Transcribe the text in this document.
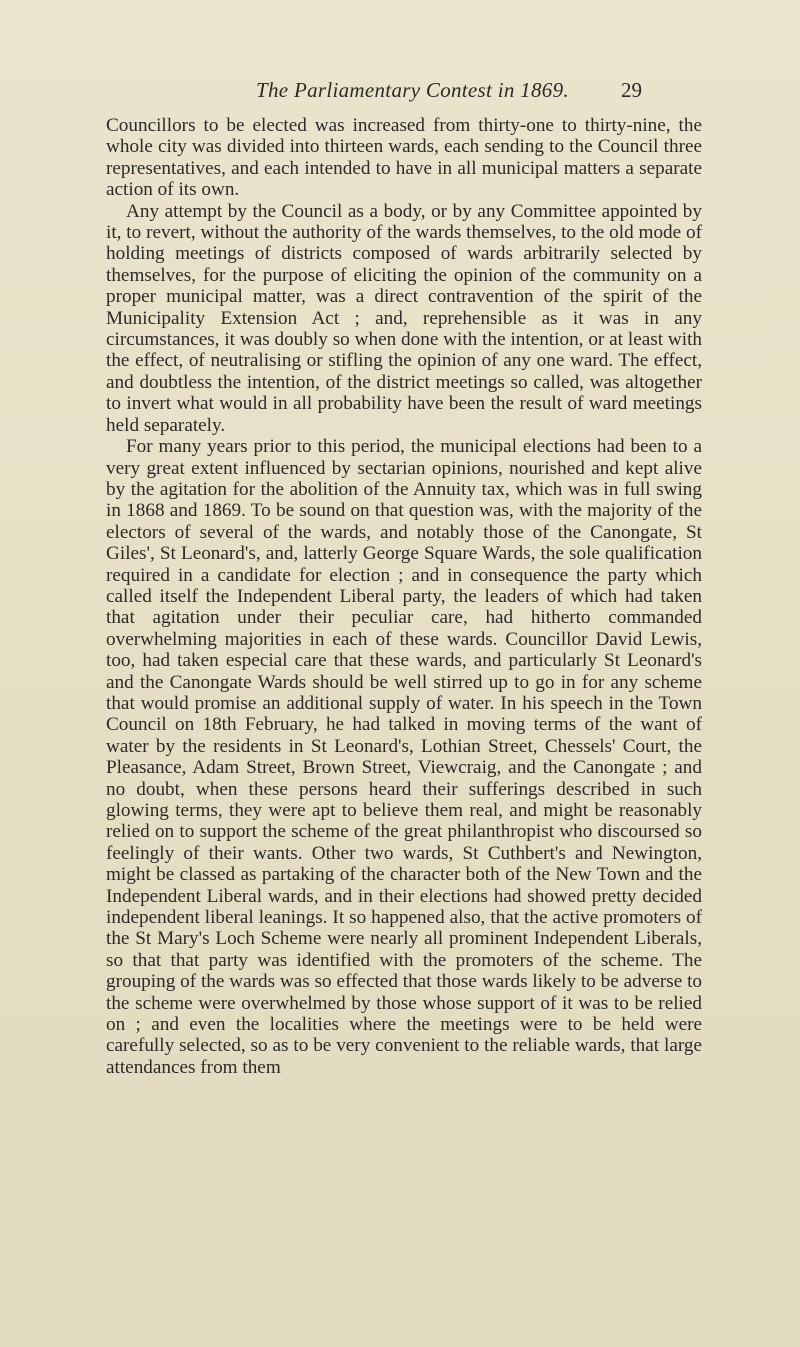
The Parliamentary Contest in 1869. 29

Councillors to be elected was increased from thirty-one to thirty-nine, the whole city was divided into thirteen wards, each sending to the Council three representatives, and each intended to have in all municipal matters a separate action of its own.

Any attempt by the Council as a body, or by any Committee appointed by it, to revert, without the authority of the wards themselves, to the old mode of holding meetings of districts composed of wards arbitrarily selected by themselves, for the purpose of eliciting the opinion of the community on a proper municipal matter, was a direct contravention of the spirit of the Municipality Extension Act ; and, reprehensible as it was in any circumstances, it was doubly so when done with the intention, or at least with the effect, of neutralising or stifling the opinion of any one ward. The effect, and doubtless the intention, of the district meetings so called, was altogether to invert what would in all probability have been the result of ward meetings held separately.

For many years prior to this period, the municipal elections had been to a very great extent influenced by sectarian opinions, nourished and kept alive by the agitation for the abolition of the Annuity tax, which was in full swing in 1868 and 1869. To be sound on that question was, with the majority of the electors of several of the wards, and notably those of the Canongate, St Giles', St Leonard's, and, latterly George Square Wards, the sole qualification required in a candidate for election ; and in consequence the party which called itself the Independent Liberal party, the leaders of which had taken that agitation under their peculiar care, had hitherto commanded overwhelming majorities in each of these wards. Councillor David Lewis, too, had taken especial care that these wards, and particularly St Leonard's and the Canongate Wards should be well stirred up to go in for any scheme that would promise an additional supply of water. In his speech in the Town Council on 18th February, he had talked in moving terms of the want of water by the residents in St Leonard's, Lothian Street, Chessels' Court, the Pleasance, Adam Street, Brown Street, Viewcraig, and the Canongate ; and no doubt, when these persons heard their sufferings described in such glowing terms, they were apt to believe them real, and might be reasonably relied on to support the scheme of the great philanthropist who discoursed so feelingly of their wants. Other two wards, St Cuthbert's and Newington, might be classed as partaking of the character both of the New Town and the Independent Liberal wards, and in their elections had showed pretty decided independent liberal leanings. It so happened also, that the active promoters of the St Mary's Loch Scheme were nearly all prominent Independent Liberals, so that that party was identified with the promoters of the scheme. The grouping of the wards was so effected that those wards likely to be adverse to the scheme were overwhelmed by those whose support of it was to be relied on ; and even the localities where the meetings were to be held were carefully selected, so as to be very convenient to the reliable wards, that large attendances from them
